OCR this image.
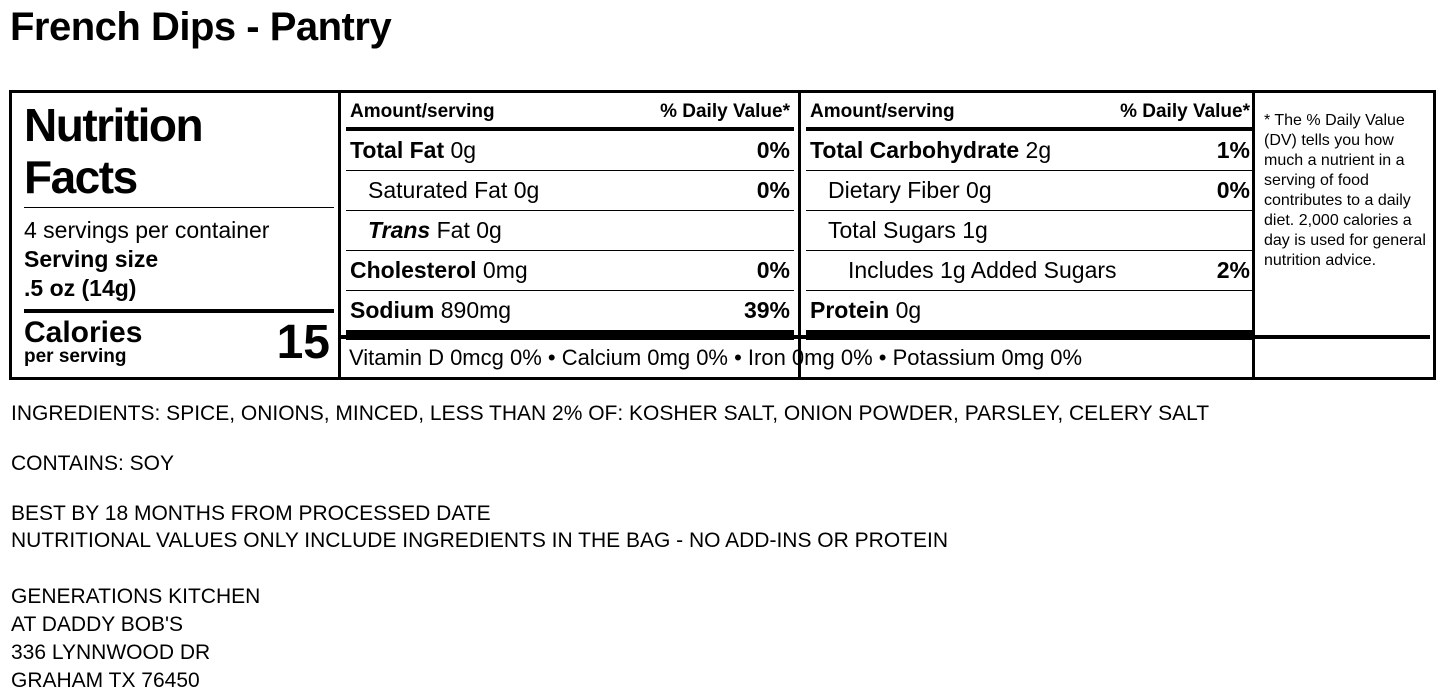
French Dips - Pantry
Nutrition
Facts
4 servings per container
Serving size
.5 oz (14g)
Calories
per serving	15
Amount/serving	% Daily Value*
Total Fat 0g	0%
Saturated Fat 0g	0%
Trans Fat 0g
Cholesterol 0mg	0%
Sodium 890mg	39%
Amount/serving	% Daily Value*
Total Carbohydrate 2g	1%
Dietary Fiber 0g	0%
Total Sugars 1g
Includes 1g Added Sugars	2%
Protein 0g
* The % Daily Value (DV) tells you how much a nutrient in a serving of food contributes to a daily diet. 2,000 calories a day is used for general nutrition advice.
Vitamin D 0mcg 0% • Calcium 0mg 0% • Iron 0mg 0% • Potassium 0mg 0%
INGREDIENTS: SPICE, ONIONS, MINCED, LESS THAN 2% OF: KOSHER SALT, ONION POWDER, PARSLEY, CELERY SALT
CONTAINS: SOY
BEST BY 18 MONTHS FROM PROCESSED DATE
NUTRITIONAL VALUES ONLY INCLUDE INGREDIENTS IN THE BAG - NO ADD-INS OR PROTEIN
GENERATIONS KITCHEN
AT DADDY BOB'S
336 LYNNWOOD DR
GRAHAM TX 76450
